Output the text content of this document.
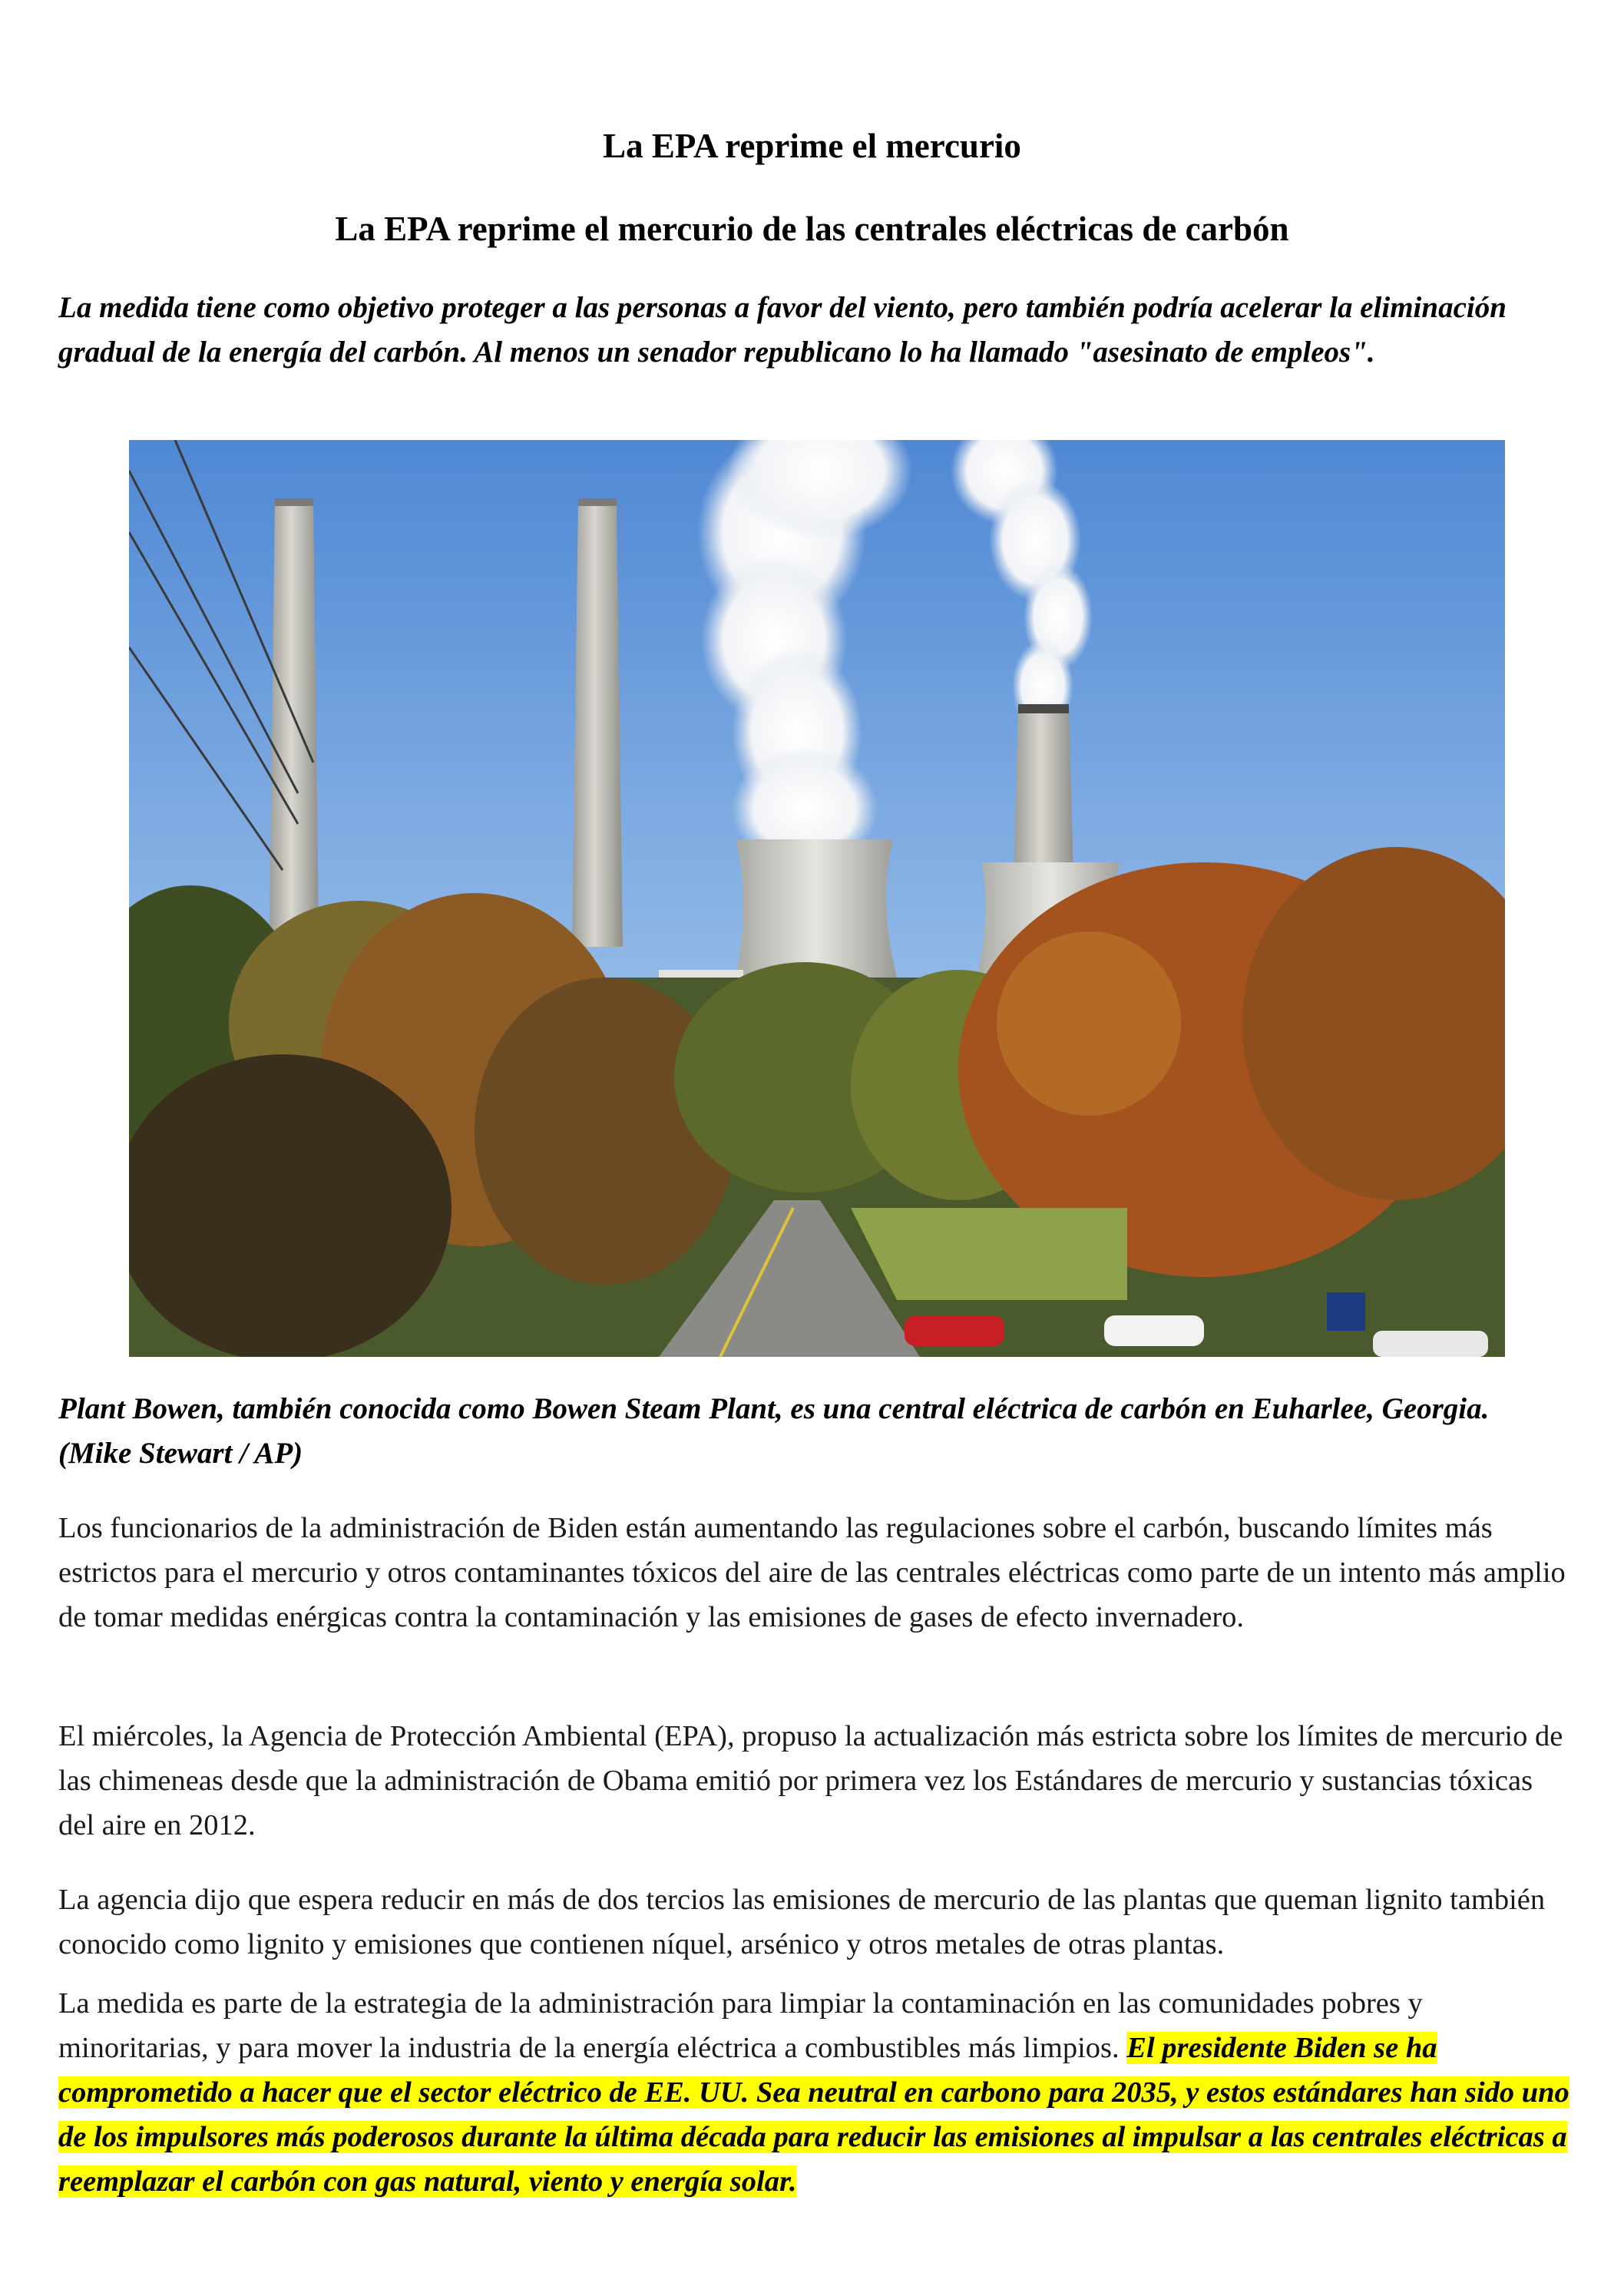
La EPA reprime el mercurio
La EPA reprime el mercurio de las centrales eléctricas de carbón

La medida tiene como objetivo proteger a las personas a favor del viento, pero también podría acelerar la eliminación gradual de la energía del carbón. Al menos un senador republicano lo ha llamado "asesinato de empleos".

Plant Bowen, también conocida como Bowen Steam Plant, es una central eléctrica de carbón en Euharlee, Georgia. (Mike Stewart / AP)

Los funcionarios de la administración de Biden están aumentando las regulaciones sobre el carbón, buscando límites más estrictos para el mercurio y otros contaminantes tóxicos del aire de las centrales eléctricas como parte de un intento más amplio de tomar medidas enérgicas contra la contaminación y las emisiones de gases de efecto invernadero.

El miércoles, la Agencia de Protección Ambiental (EPA), propuso la actualización más estricta sobre los límites de mercurio de las chimeneas desde que la administración de Obama emitió por primera vez los Estándares de mercurio y sustancias tóxicas del aire en 2012.

La agencia dijo que espera reducir en más de dos tercios las emisiones de mercurio de las plantas que queman lignito también conocido como lignito y emisiones que contienen níquel, arsénico y otros metales de otras plantas.

La medida es parte de la estrategia de la administración para limpiar la contaminación en las comunidades pobres y minoritarias, y para mover la industria de la energía eléctrica a combustibles más limpios. El presidente Biden se ha comprometido a hacer que el sector eléctrico de EE. UU. Sea neutral en carbono para 2035, y estos estándares han sido uno de los impulsores más poderosos durante la última década para reducir las emisiones al impulsar a las centrales eléctricas a reemplazar el carbón con gas natural, viento y energía solar.
